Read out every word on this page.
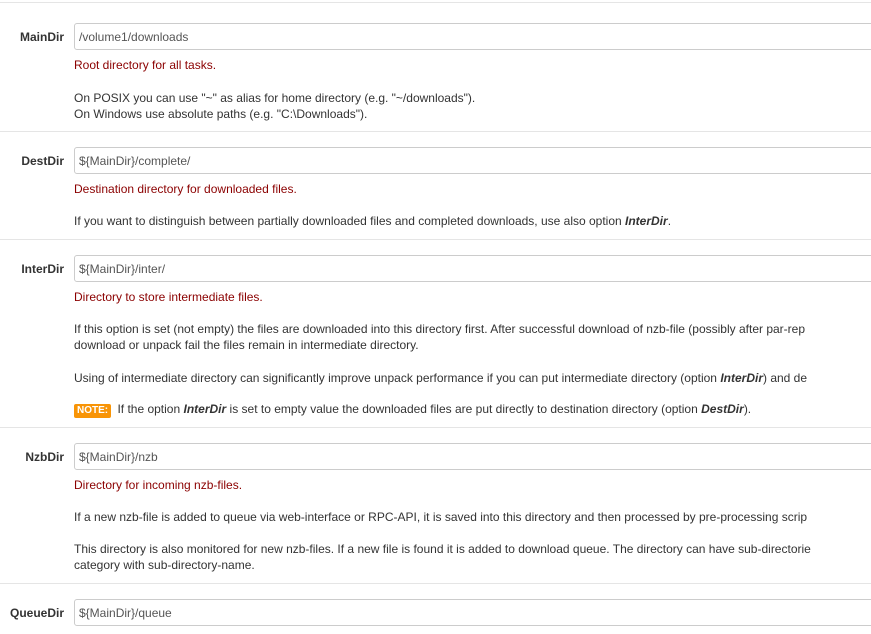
MainDir
/volume1/downloads
Root directory for all tasks.
On POSIX you can use "~" as alias for home directory (e.g. "~/downloads").
On Windows use absolute paths (e.g. "C:\Downloads").
DestDir
${MainDir}/complete/
Destination directory for downloaded files.
If you want to distinguish between partially downloaded files and completed downloads, use also option InterDir.
InterDir
${MainDir}/inter/
Directory to store intermediate files.
If this option is set (not empty) the files are downloaded into this directory first. After successful download of nzb-file (possibly after par-rep
download or unpack fail the files remain in intermediate directory.
Using of intermediate directory can significantly improve unpack performance if you can put intermediate directory (option InterDir) and de
NOTE: If the option InterDir is set to empty value the downloaded files are put directly to destination directory (option DestDir).
NzbDir
${MainDir}/nzb
Directory for incoming nzb-files.
If a new nzb-file is added to queue via web-interface or RPC-API, it is saved into this directory and then processed by pre-processing scrip
This directory is also monitored for new nzb-files. If a new file is found it is added to download queue. The directory can have sub-directorie
category with sub-directory-name.
QueueDir
${MainDir}/queue
